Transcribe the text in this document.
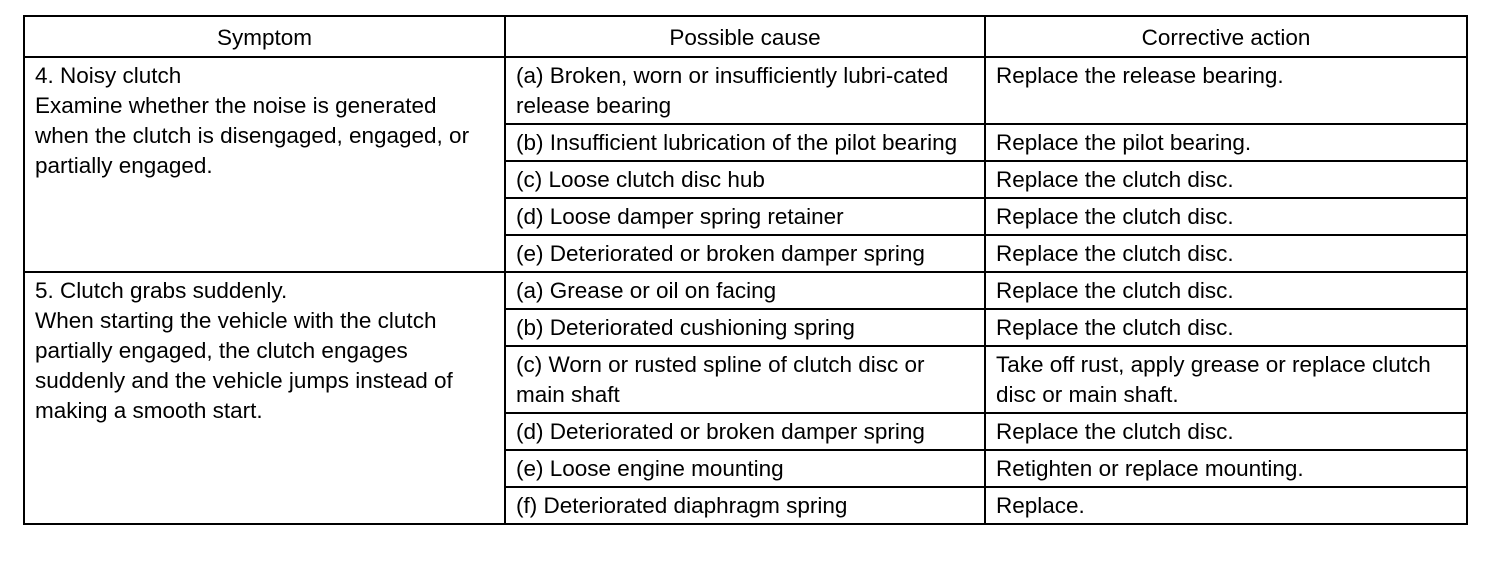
Symptom	Possible cause	Corrective action

4. Noisy clutch
Examine whether the noise is generated when the clutch is disengaged, engaged, or partially engaged.	(a) Broken, worn or insufficiently lubri-cated release bearing	Replace the release bearing.
	(b) Insufficient lubrication of the pilot bearing	Replace the pilot bearing.
	(c) Loose clutch disc hub	Replace the clutch disc.
	(d) Loose damper spring retainer	Replace the clutch disc.
	(e) Deteriorated or broken damper spring	Replace the clutch disc.

5. Clutch grabs suddenly.
When starting the vehicle with the clutch partially engaged, the clutch engages suddenly and the vehicle jumps instead of making a smooth start.	(a) Grease or oil on facing	Replace the clutch disc.
	(b) Deteriorated cushioning spring	Replace the clutch disc.
	(c) Worn or rusted spline of clutch disc or main shaft	Take off rust, apply grease or replace clutch disc or main shaft.
	(d) Deteriorated or broken damper spring	Replace the clutch disc.
	(e) Loose engine mounting	Retighten or replace mounting.
	(f) Deteriorated diaphragm spring	Replace.
